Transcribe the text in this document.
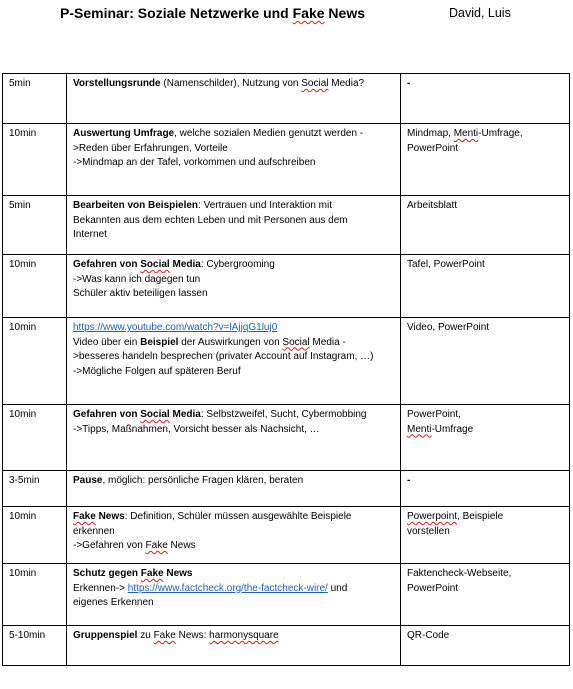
P-Seminar: Soziale Netzwerke und Fake News	David, Luis
5min	Vorstellungsrunde (Namenschilder), Nutzung von Social Media?	-

10min	Auswertung Umfrage, welche sozialen Medien genutzt werden -
>Reden über Erfahrungen, Vorteile
->Mindmap an der Tafel, vorkommen und aufschreiben	Mindmap, Menti-Umfrage,
PowerPoint

5min	Bearbeiten von Beispielen: Vertrauen und Interaktion mit
Bekannten aus dem echten Leben und mit Personen aus dem
Internet	Arbeitsblatt

10min	Gefahren von Social Media: Cybergrooming
->Was kann ich dagegen tun
Schüler aktiv beteiligen lassen	Tafel, PowerPoint

10min	https://www.youtube.com/watch?v=lAjjqG1luj0
Video über ein Beispiel der Auswirkungen von Social Media -
>besseres handeln besprechen (privater Account auf Instagram, …)
->Mögliche Folgen auf späteren Beruf	Video, PowerPoint

10min	Gefahren von Social Media: Selbstzweifel, Sucht, Cybermobbing
->Tipps, Maßnahmen, Vorsicht besser als Nachsicht, …	PowerPoint,
Menti-Umfrage

3-5min	Pause, möglich: persönliche Fragen klären, beraten	-

10min	Fake News: Definition, Schüler müssen ausgewählte Beispiele
erkennen
->Gefahren von Fake News	Powerpoint, Beispiele
vorstellen

10min	Schutz gegen Fake News
Erkennen-> https://www.factcheck.org/the-factcheck-wire/ und
eigenes Erkennen	Faktencheck-Webseite,
PowerPoint

5-10min	Gruppenspiel zu Fake News: harmonysquare	QR-Code
